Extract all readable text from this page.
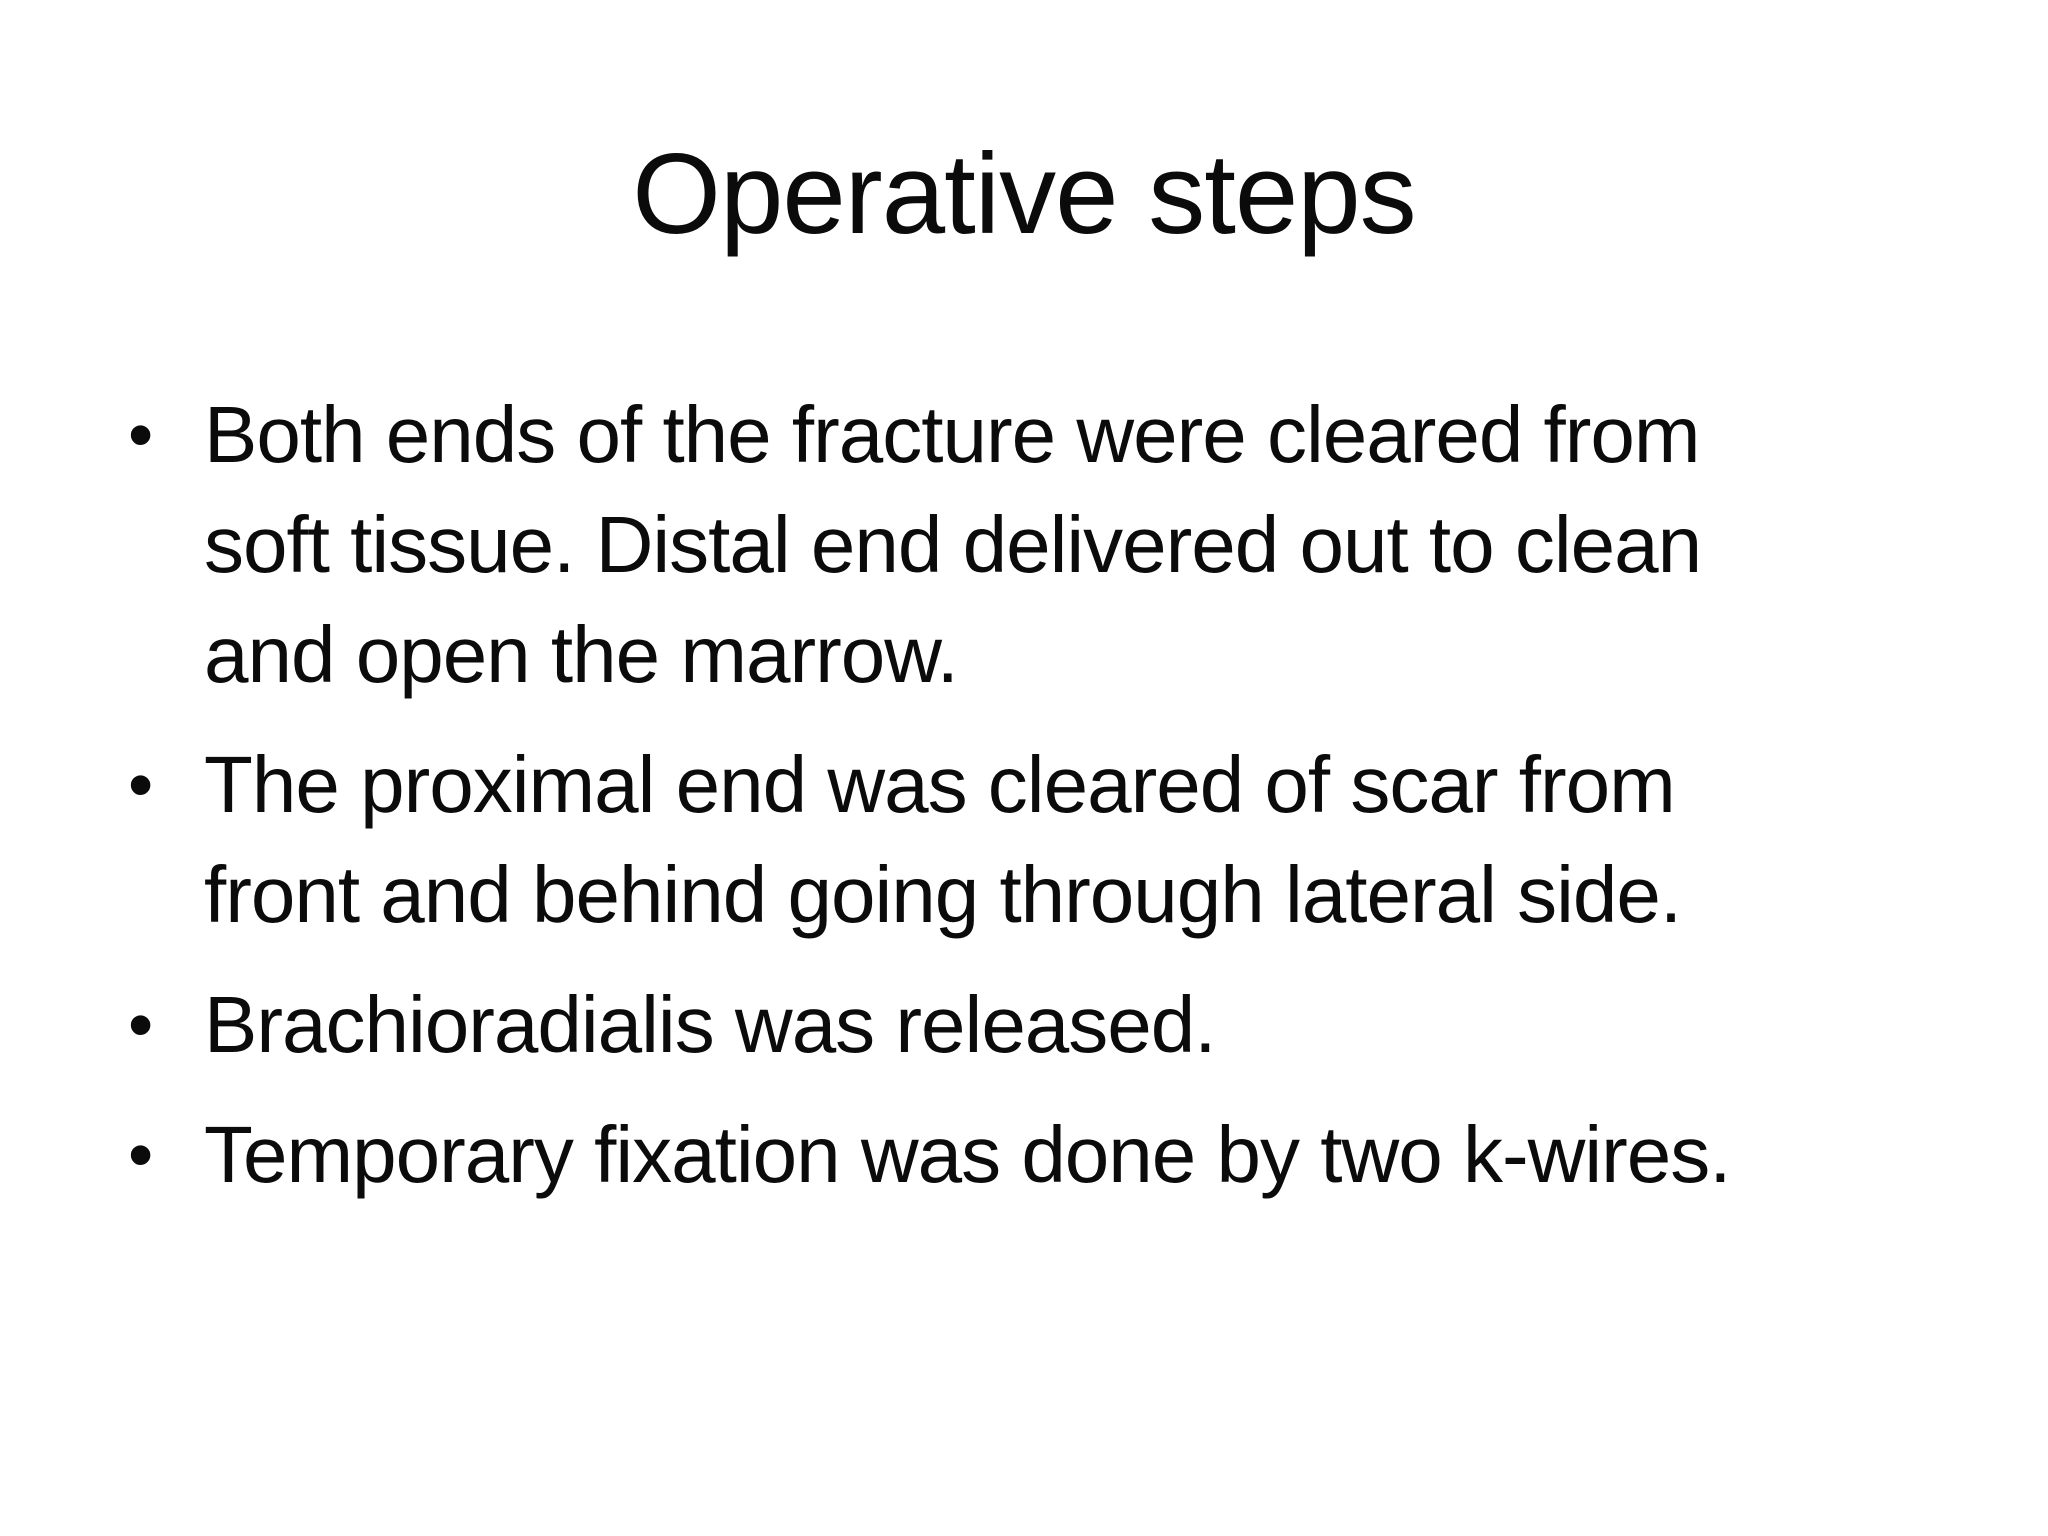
Operative steps
• Both ends of the fracture were cleared from
soft tissue. Distal end delivered out to clean
and open the marrow.
• The proximal end was cleared of scar from
front and behind going through lateral side.
• Brachioradialis was released.
• Temporary fixation was done by two k-wires.
